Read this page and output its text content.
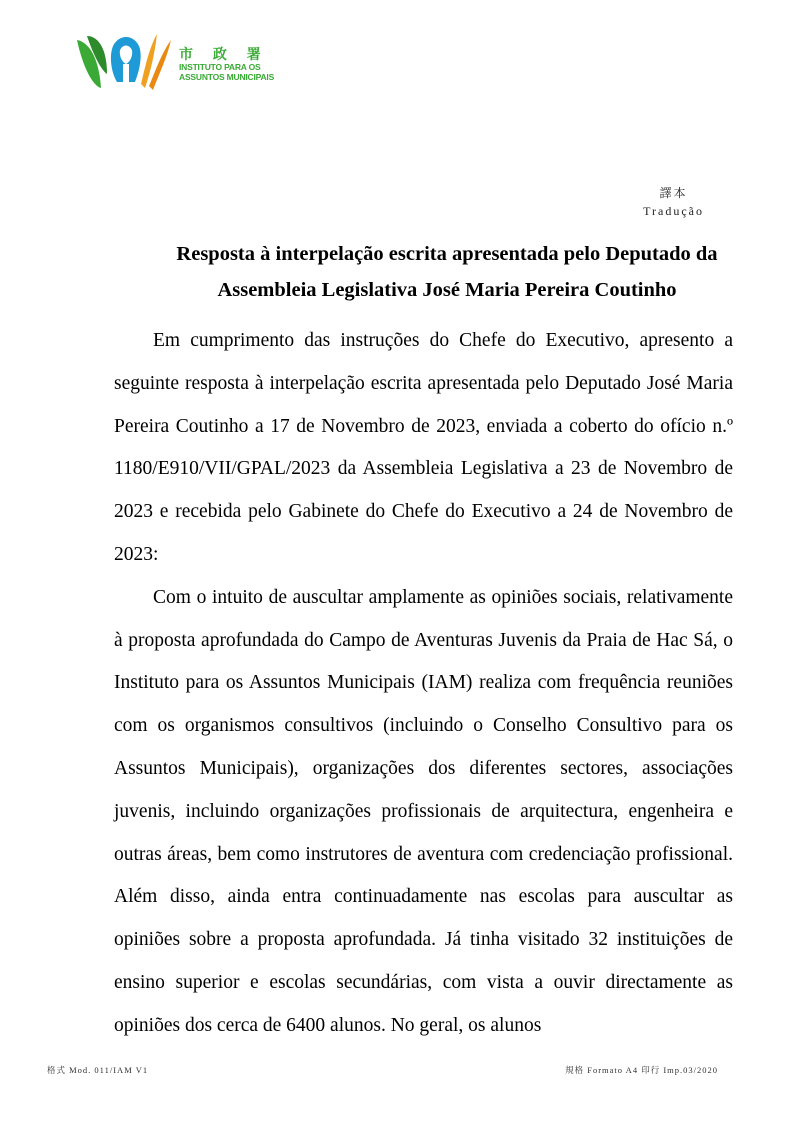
市 政 署
INSTITUTO PARA OS
ASSUNTOS MUNICIPAIS
譯本
Tradução
Resposta à interpelação escrita apresentada pelo Deputado da
Assembleia Legislativa José Maria Pereira Coutinho

Em cumprimento das instruções do Chefe do Executivo, apresento a seguinte resposta à interpelação escrita apresentada pelo Deputado José Maria Pereira Coutinho a 17 de Novembro de 2023, enviada a coberto do ofício n.º 1180/E910/VII/GPAL/2023 da Assembleia Legislativa a 23 de Novembro de 2023 e recebida pelo Gabinete do Chefe do Executivo a 24 de Novembro de 2023:

Com o intuito de auscultar amplamente as opiniões sociais, relativamente à proposta aprofundada do Campo de Aventuras Juvenis da Praia de Hac Sá, o Instituto para os Assuntos Municipais (IAM) realiza com frequência reuniões com os organismos consultivos (incluindo o Conselho Consultivo para os Assuntos Municipais), organizações dos diferentes sectores, associações juvenis, incluindo organizações profissionais de arquitectura, engenheira e outras áreas, bem como instrutores de aventura com credenciação profissional. Além disso, ainda entra continuadamente nas escolas para auscultar as opiniões sobre a proposta aprofundada. Já tinha visitado 32 instituições de ensino superior e escolas secundárias, com vista a ouvir directamente as opiniões dos cerca de 6400 alunos. No geral, os alunos

格式 Mod. 011/IAM V1	規格 Formato A4 印行 Imp.03/2020
